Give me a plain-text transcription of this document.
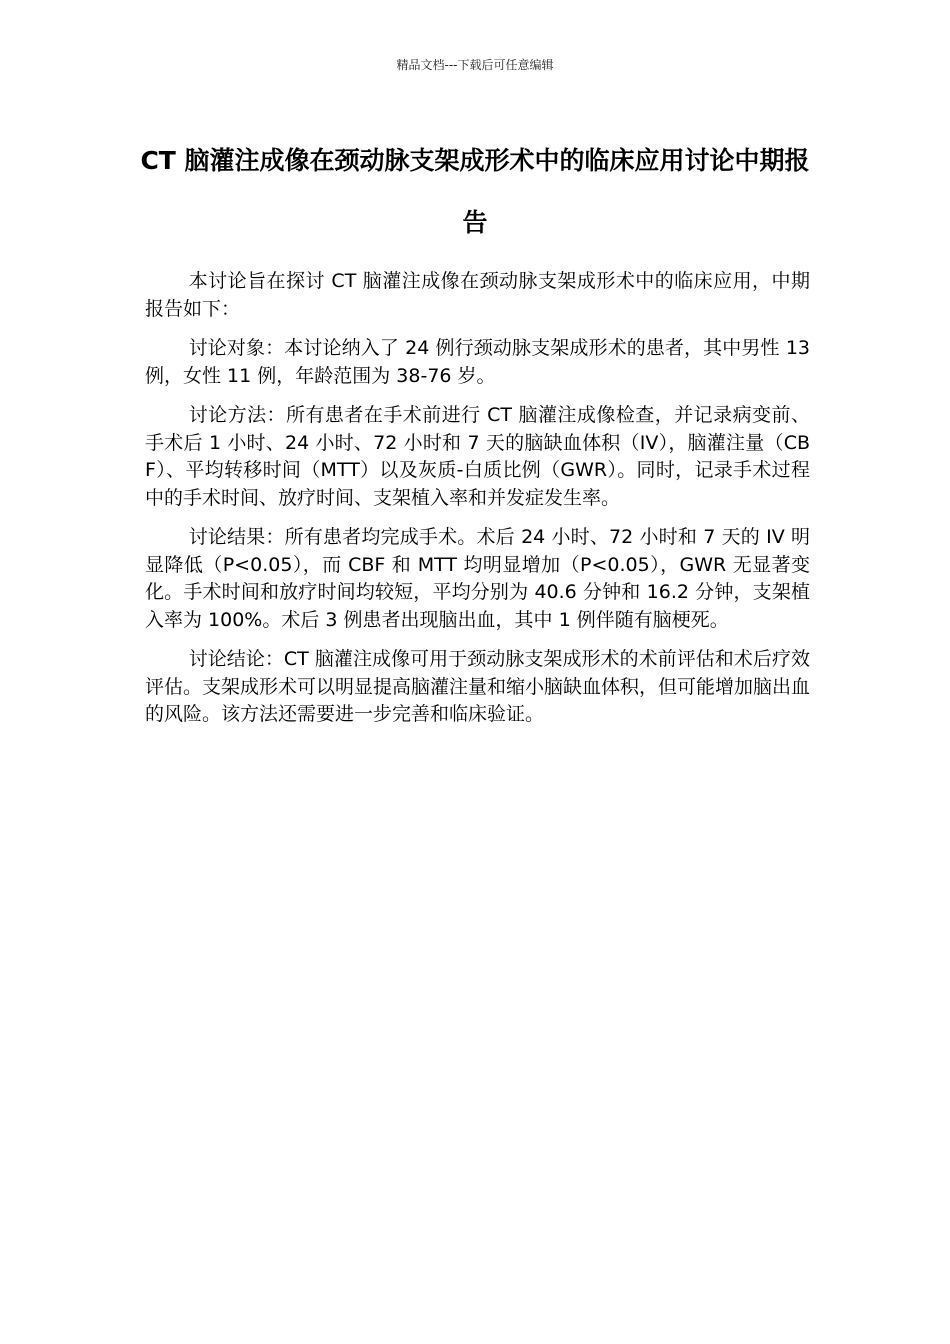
精品文档---下载后可任意编辑
CT 脑灌注成像在颈动脉支架成形术中的临床应用讨论中期报告

本讨论旨在探讨 CT 脑灌注成像在颈动脉支架成形术中的临床应用，中期报告如下：

讨论对象：本讨论纳入了 24 例行颈动脉支架成形术的患者，其中男性 13 例，女性 11 例，年龄范围为 38-76 岁。

讨论方法：所有患者在手术前进行 CT 脑灌注成像检查，并记录病变前、手术后 1 小时、24 小时、72 小时和 7 天的脑缺血体积（IV），脑灌注量（CBF）、平均转移时间（MTT）以及灰质-白质比例（GWR）。同时，记录手术过程中的手术时间、放疗时间、支架植入率和并发症发生率。

讨论结果：所有患者均完成手术。术后 24 小时、72 小时和 7 天的 IV 明显降低（P<0.05），而 CBF 和 MTT 均明显增加（P<0.05），GWR 无显著变化。手术时间和放疗时间均较短，平均分别为 40.6 分钟和 16.2 分钟，支架植入率为 100%。术后 3 例患者出现脑出血，其中 1 例伴随有脑梗死。

讨论结论：CT 脑灌注成像可用于颈动脉支架成形术的术前评估和术后疗效评估。支架成形术可以明显提高脑灌注量和缩小脑缺血体积，但可能增加脑出血的风险。该方法还需要进一步完善和临床验证。
